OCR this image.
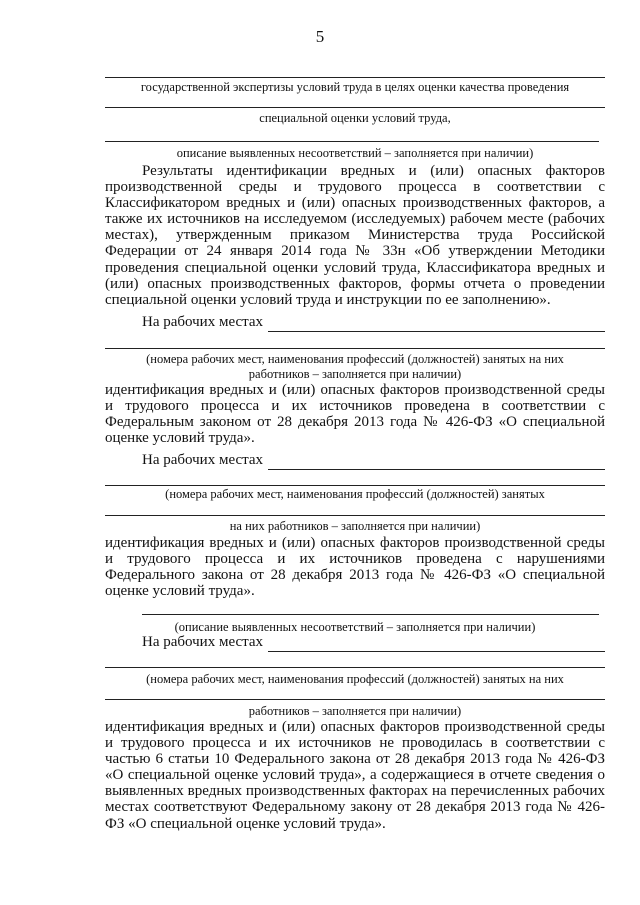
5
государственной экспертизы условий труда в целях оценки качества проведения
специальной оценки условий труда,
описание выявленных несоответствий – заполняется при наличии)

Результаты идентификации вредных и (или) опасных факторов производственной среды и трудового процесса в соответствии с Классификатором вредных и (или) опасных производственных факторов, а также их источников на исследуемом (исследуемых) рабочем месте (рабочих местах), утвержденным приказом Министерства труда Российской Федерации от 24 января 2014 года № 33н «Об утверждении Методики проведения специальной оценки условий труда, Классификатора вредных и (или) опасных производственных факторов, формы отчета о проведении специальной оценки условий труда и инструкции по ее заполнению».

На рабочих местах
(номера рабочих мест, наименования профессий (должностей) занятых на них
работников – заполняется при наличии)

идентификация вредных и (или) опасных факторов производственной среды и трудового процесса и их источников проведена в соответствии с Федеральным законом от 28 декабря 2013 года № 426-ФЗ «О специальной оценке условий труда».

На рабочих местах
(номера рабочих мест, наименования профессий (должностей) занятых
на них работников – заполняется при наличии)

идентификация вредных и (или) опасных факторов производственной среды и трудового процесса и их источников проведена с нарушениями Федерального закона от 28 декабря 2013 года № 426-ФЗ «О специальной оценке условий труда».

(описание выявленных несоответствий – заполняется при наличии)
На рабочих местах
(номера рабочих мест, наименования профессий (должностей) занятых на них
работников – заполняется при наличии)

идентификация вредных и (или) опасных факторов производственной среды и трудового процесса и их источников не проводилась в соответствии с частью 6 статьи 10 Федерального закона от 28 декабря 2013 года № 426-ФЗ «О специальной оценке условий труда», а содержащиеся в отчете сведения о выявленных вредных производственных факторах на перечисленных рабочих местах соответствуют Федеральному закону от 28 декабря 2013 года № 426-ФЗ «О специальной оценке условий труда».
